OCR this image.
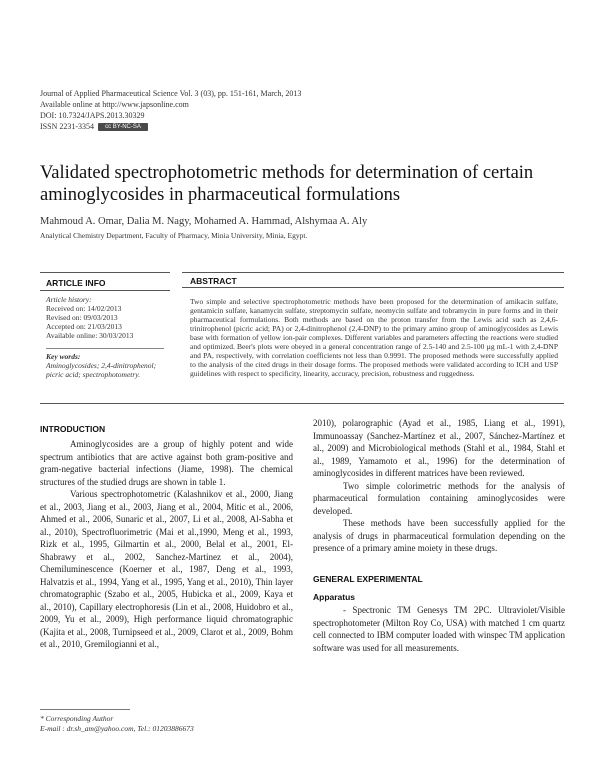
Journal of Applied Pharmaceutical Science Vol. 3 (03), pp. 151-161, March, 2013
Available online at http://www.japsonline.com
DOI: 10.7324/JAPS.2013.30329
ISSN 2231-3354 cc BY-NC-SA
Validated spectrophotometric methods for determination of certain aminoglycosides in pharmaceutical formulations
Mahmoud A. Omar, Dalia M. Nagy, Mohamed A. Hammad, Alshymaa A. Aly
Analytical Chemistry Department, Faculty of Pharmacy, Minia University, Minia, Egypt.
ARTICLE INFO	ABSTRACT
Article history:
Received on: 14/02/2013
Revised on: 09/03/2013
Accepted on: 21/03/2013
Available online: 30/03/2013
Key words:
Aminoglycosides; 2,4-dinitrophenol; picric acid; spectrophotometry.
Two simple and selective spectrophotometric methods have been proposed for the determination of amikacin sulfate, gentamicin sulfate, kanamycin sulfate, streptomycin sulfate, neomycin sulfate and tobramycin in pure forms and in their pharmaceutical formulations. Both methods are based on the proton transfer from the Lewis acid such as 2,4,6-trinitrophenol (picric acid; PA) or 2,4-dinitrophenol (2,4-DNP) to the primary amino group of aminoglycosides as Lewis base with formation of yellow ion-pair complexes. Different variables and parameters affecting the reactions were studied and optimized. Beer's plots were obeyed in a general concentration range of 2.5-140 and 2.5-100 µg mL-1 with 2,4-DNP and PA, respectively, with correlation coefficients not less than 0.9991. The proposed methods were successfully applied to the analysis of the cited drugs in their dosage forms. The proposed methods were validated according to ICH and USP guidelines with respect to specificity, linearity, accuracy, precision, robustness and ruggedness.
INTRODUCTION

Aminoglycosides are a group of highly potent and wide spectrum antibiotics that are active against both gram-positive and gram-negative bacterial infections (Jiame, 1998). The chemical structures of the studied drugs are shown in table 1.

Various spectrophotometric (Kalashnikov et al., 2000, Jiang et al., 2003, Jiang et al., 2003, Jiang et al., 2004, Mitic et al., 2006, Ahmed et al., 2006, Sunaric et al., 2007, Li et al., 2008, Al-Sabha et al., 2010), Spectrofluorimetric (Mai et al.,1990, Meng et al., 1993, Rizk et al., 1995, Gilmartin et al., 2000, Belal et al., 2001, El-Shabrawy et al., 2002, Sanchez-Martinez et al., 2004), Chemiluminescence (Koerner et al., 1987, Deng et al., 1993, Halvatzis et al., 1994, Yang et al., 1995, Yang et al., 2010), Thin layer chromatographic (Szabo et al., 2005, Hubicka et al., 2009, Kaya et al., 2010), Capillary electrophoresis (Lin et al., 2008, Huidobro et al., 2009, Yu et al., 2009), High performance liquid chromatographic (Kajita et al., 2008, Turnipseed et al., 2009, Clarot et al., 2009, Bohm et al., 2010, Gremilogianni et al.,

2010), polarographic (Ayad et al., 1985, Liang et al., 1991), Immunoassay (Sanchez-Martínez et al., 2007, Sánchez-Martínez et al., 2009) and Microbiological methods (Stahl et al., 1984, Stahl et al., 1989, Yamamoto et al., 1996) for the determination of aminoglycosides in different matrices have been reviewed.

Two simple colorimetric methods for the analysis of pharmaceutical formulation containing aminoglycosides were developed.

These methods have been successfully applied for the analysis of drugs in pharmaceutical formulation depending on the presence of a primary amine moiety in these drugs.

GENERAL EXPERIMENTAL
Apparatus

- Spectronic TM Genesys TM 2PC. Ultraviolet/Visible spectrophotometer (Milton Roy Co, USA) with matched 1 cm quartz cell connected to IBM computer loaded with winspec TM application software was used for all measurements.

* Corresponding Author
E-mail : dr.sh_am@yahoo.com, Tel.: 01203886673
